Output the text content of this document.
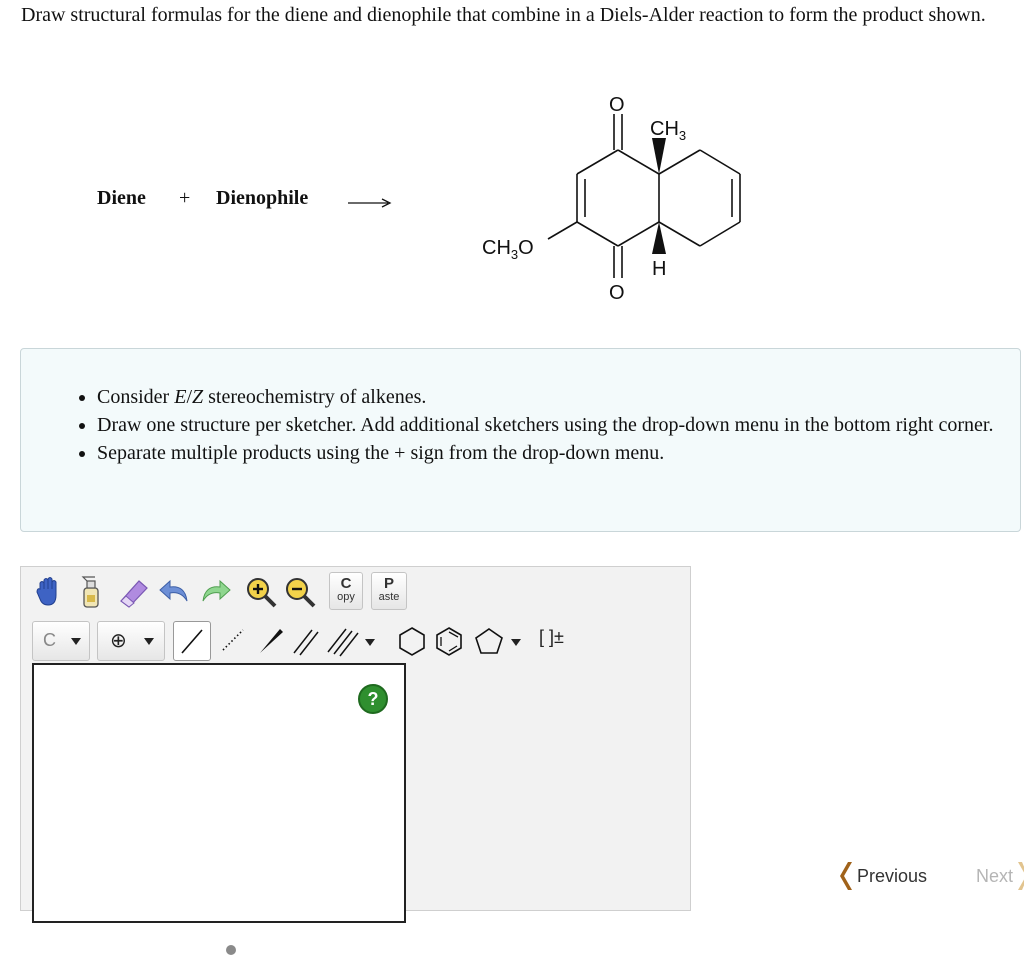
Draw structural formulas for the diene and dienophile that combine in a Diels-Alder reaction to form the product shown.
Diene + Dienophile
O
$CH_3$
$CH_3O$
H
O
• Consider E/Z stereochemistry of alkenes.
• Draw one structure per sketcher. Add additional sketchers using the drop-down menu in the bottom right corner.
• Separate multiple products using the + sign from the drop-down menu.
C
opy
P
aste
C	⊕	[ ]±
?
Previous	Next
